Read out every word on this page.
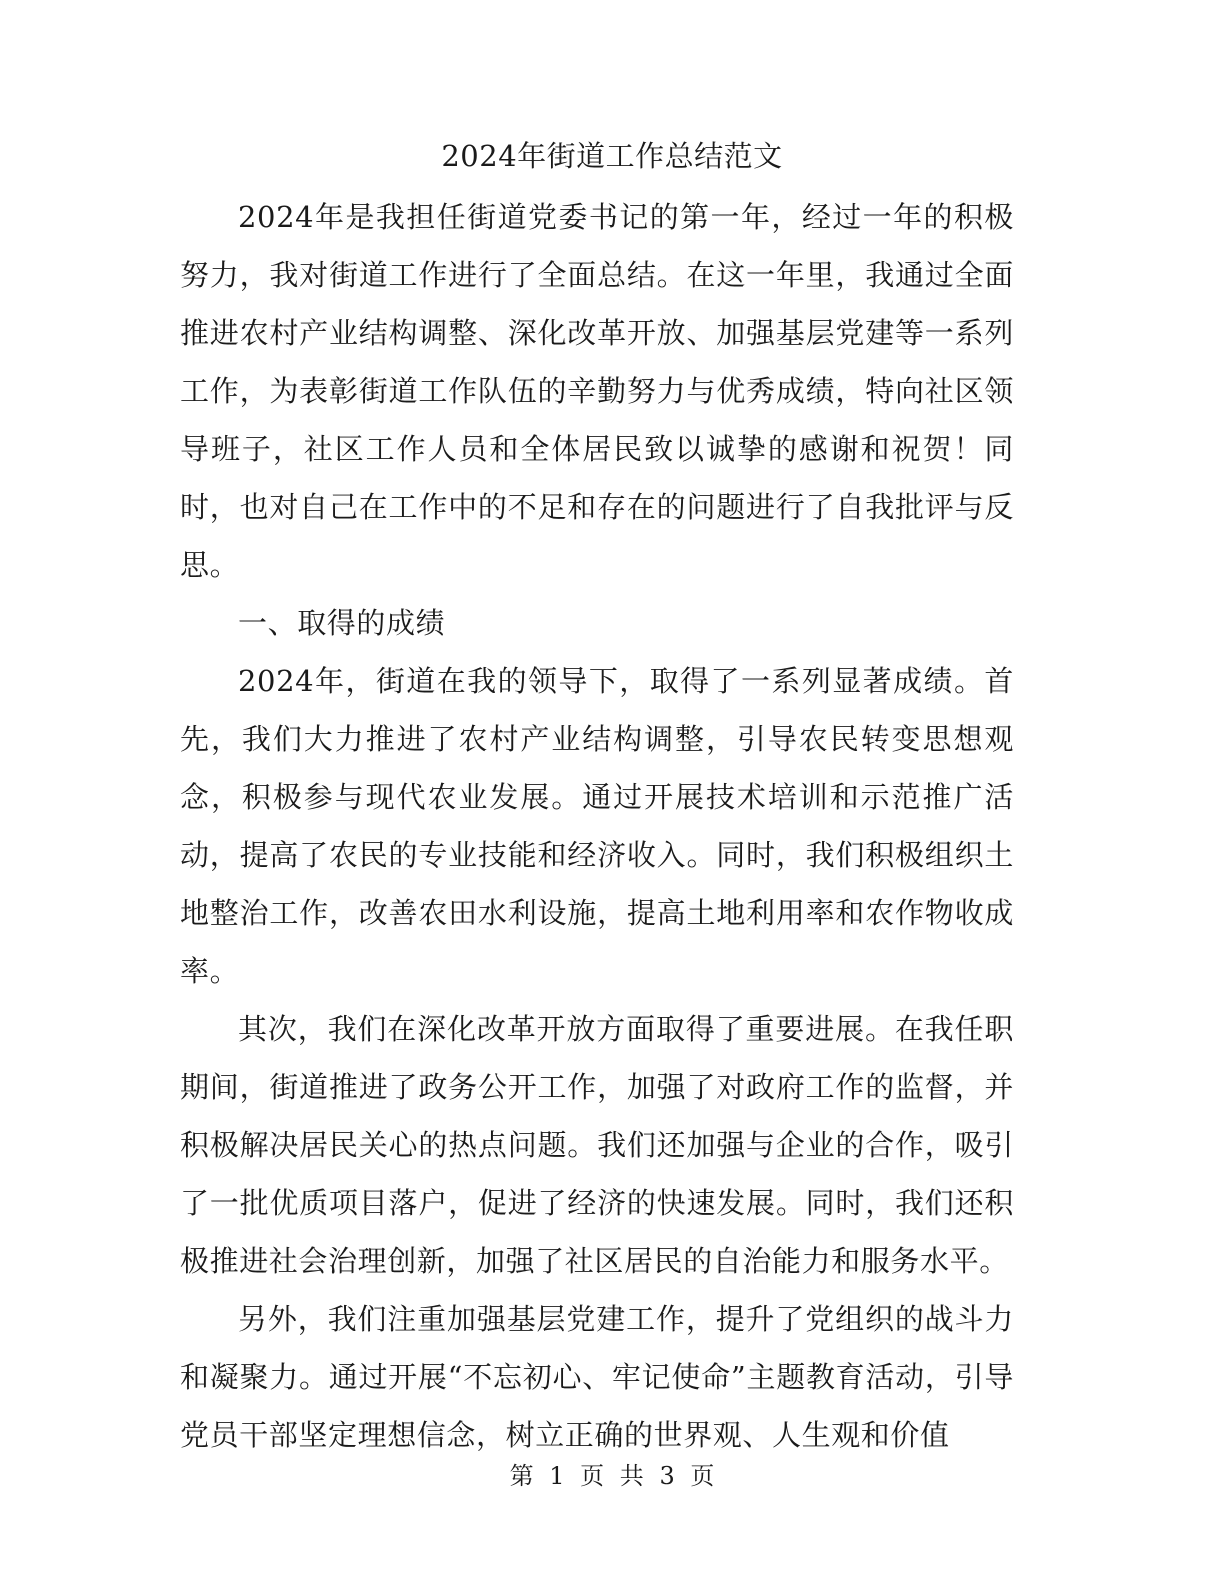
2024年街道工作总结范文

2024年是我担任街道党委书记的第一年，经过一年的积极努力，我对街道工作进行了全面总结。在这一年里，我通过全面推进农村产业结构调整、深化改革开放、加强基层党建等一系列工作，为表彰街道工作队伍的辛勤努力与优秀成绩，特向社区领导班子，社区工作人员和全体居民致以诚挚的感谢和祝贺！同时，也对自己在工作中的不足和存在的问题进行了自我批评与反思。

一、取得的成绩

2024年，街道在我的领导下，取得了一系列显著成绩。首先，我们大力推进了农村产业结构调整，引导农民转变思想观念，积极参与现代农业发展。通过开展技术培训和示范推广活动，提高了农民的专业技能和经济收入。同时，我们积极组织土地整治工作，改善农田水利设施，提高土地利用率和农作物收成率。

其次，我们在深化改革开放方面取得了重要进展。在我任职期间，街道推进了政务公开工作，加强了对政府工作的监督，并积极解决居民关心的热点问题。我们还加强与企业的合作，吸引了一批优质项目落户，促进了经济的快速发展。同时，我们还积极推进社会治理创新，加强了社区居民的自治能力和服务水平。

另外，我们注重加强基层党建工作，提升了党组织的战斗力和凝聚力。通过开展“不忘初心、牢记使命”主题教育活动，引导党员干部坚定理想信念，树立正确的世界观、人生观和价值

第 1 页 共 3 页
